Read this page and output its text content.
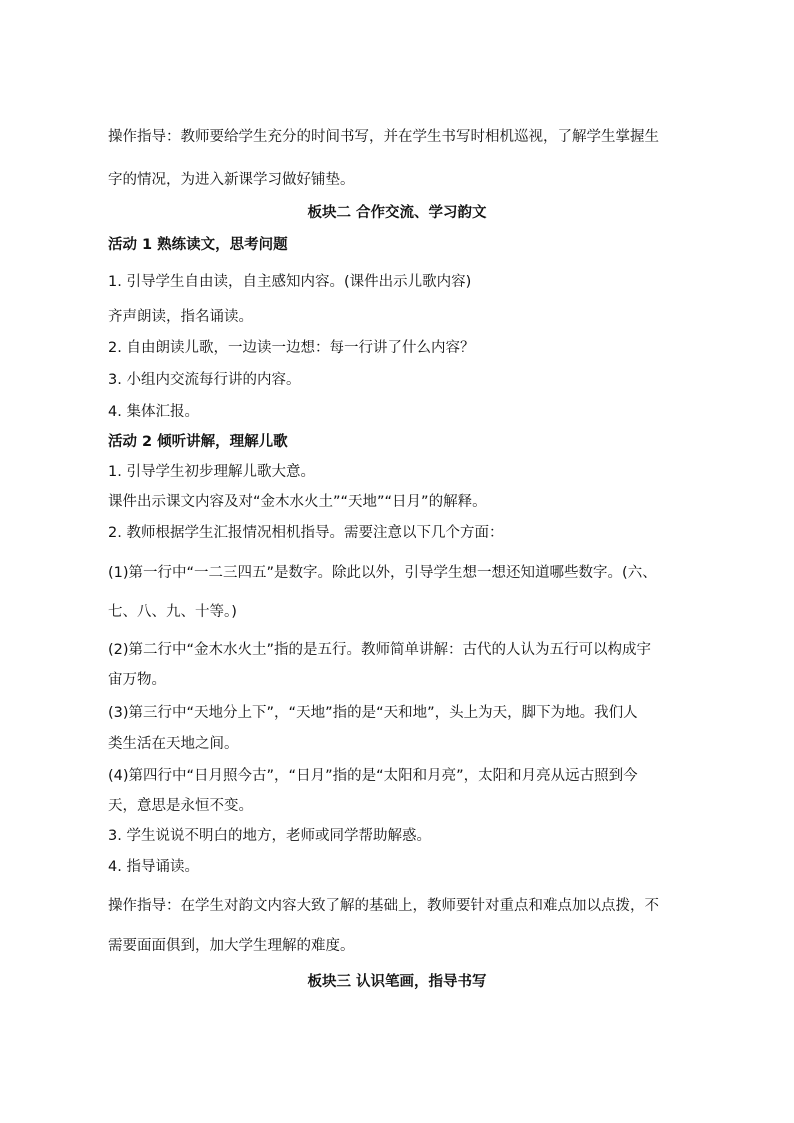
操作指导：教师要给学生充分的时间书写，并在学生书写时相机巡视，了解学生掌握生
字的情况，为进入新课学习做好铺垫。
板块二 合作交流、学习韵文
活动 1 熟练读文，思考问题
1. 引导学生自由读，自主感知内容。(课件出示儿歌内容)
齐声朗读，指名诵读。
2. 自由朗读儿歌，一边读一边想：每一行讲了什么内容？
3. 小组内交流每行讲的内容。
4. 集体汇报。
活动 2 倾听讲解，理解儿歌
1. 引导学生初步理解儿歌大意。
课件出示课文内容及对“金木水火土”“天地”“日月”的解释。
2. 教师根据学生汇报情况相机指导。需要注意以下几个方面：
(1)第一行中“一二三四五”是数字。除此以外，引导学生想一想还知道哪些数字。(六、
七、八、九、十等。)
(2)第二行中“金木水火土”指的是五行。教师简单讲解：古代的人认为五行可以构成宇
宙万物。
(3)第三行中“天地分上下”，“天地”指的是“天和地”，头上为天，脚下为地。我们人
类生活在天地之间。
(4)第四行中“日月照今古”，“日月”指的是“太阳和月亮”，太阳和月亮从远古照到今
天，意思是永恒不变。
3. 学生说说不明白的地方，老师或同学帮助解惑。
4. 指导诵读。
操作指导：在学生对韵文内容大致了解的基础上，教师要针对重点和难点加以点拨，不
需要面面俱到，加大学生理解的难度。
板块三 认识笔画，指导书写
